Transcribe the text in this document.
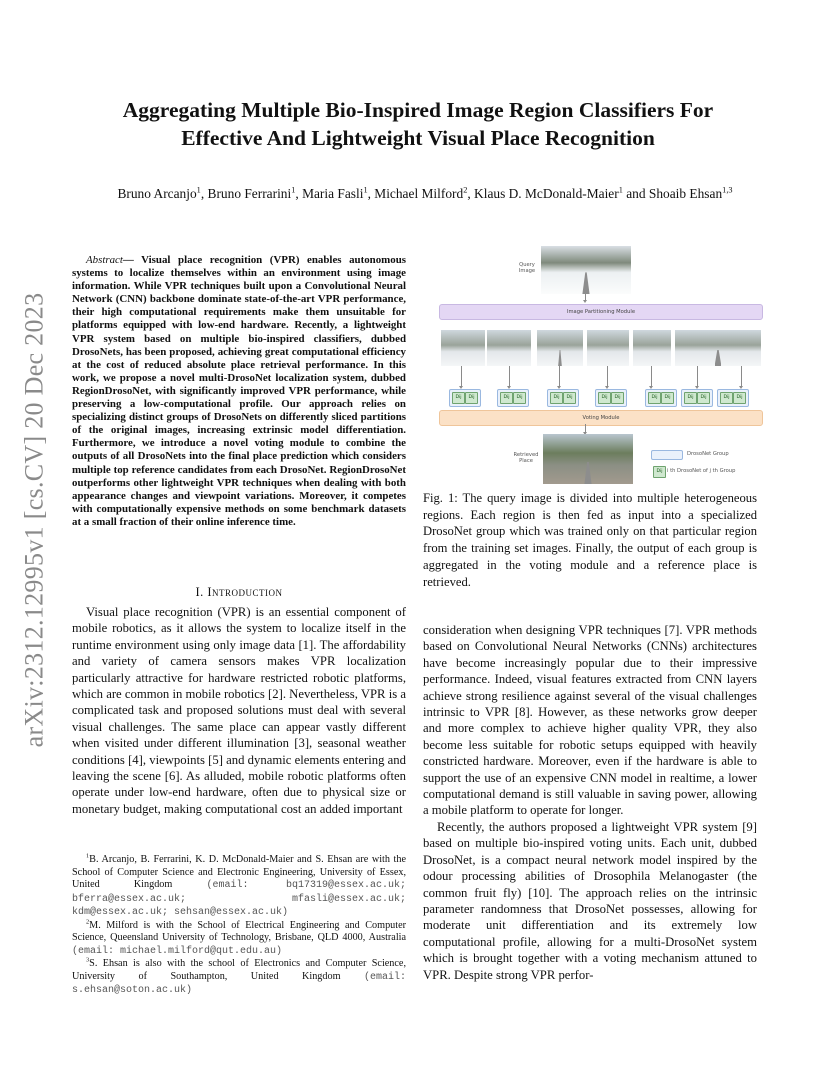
arXiv:2312.12995v1 [cs.CV] 20 Dec 2023
Aggregating Multiple Bio-Inspired Image Region Classifiers For
Effective And Lightweight Visual Place Recognition
Bruno Arcanjo$^1$, Bruno Ferrarini$^1$, Maria Fasli$^1$, Michael Milford$^2$, Klaus D. McDonald-Maier$^1$ and Shoaib Ehsan$^{1,3}$

Abstract— Visual place recognition (VPR) enables autonomous systems to localize themselves within an environment using image information. While VPR techniques built upon a Convolutional Neural Network (CNN) backbone dominate state-of-the-art VPR performance, their high computational requirements make them unsuitable for platforms equipped with low-end hardware. Recently, a lightweight VPR system based on multiple bio-inspired classifiers, dubbed DrosoNets, has been proposed, achieving great computational efficiency at the cost of reduced absolute place retrieval performance. In this work, we propose a novel multi-DrosoNet localization system, dubbed RegionDrosoNet, with significantly improved VPR performance, while preserving a low-computational profile. Our approach relies on specializing distinct groups of DrosoNets on differently sliced partitions of the original images, increasing extrinsic model differentiation. Furthermore, we introduce a novel voting module to combine the outputs of all DrosoNets into the final place prediction which considers multiple top reference candidates from each DrosoNet. RegionDrosoNet outperforms other lightweight VPR techniques when dealing with both appearance changes and viewpoint variations. Moreover, it competes with computationally expensive methods on some benchmark datasets at a small fraction of their online inference time.

I. Introduction

Visual place recognition (VPR) is an essential component of mobile robotics, as it allows the system to localize itself in the runtime environment using only image data [1]. The affordability and variety of camera sensors makes VPR localization particularly attractive for hardware restricted robotic platforms, which are common in mobile robotics [2]. Nevertheless, VPR is a complicated task and proposed solutions must deal with several visual challenges. The same place can appear vastly different when visited under different illumination [3], seasonal weather conditions [4], viewpoints [5] and dynamic elements entering and leaving the scene [6]. As alluded, mobile robotic platforms often operate under low-end hardware, often due to physical size or monetary budget, making computational cost an added important

$^1$B. Arcanjo, B. Ferrarini, K. D. McDonald-Maier and S. Ehsan are with the School of Computer Science and Electronic Engineering, University of Essex, United Kingdom	(email: bq17319@essex.ac.uk; bferra@essex.ac.uk; mfasli@essex.ac.uk; kdm@essex.ac.uk; sehsan@essex.ac.uk)

$^2$M. Milford is with the School of Electrical Engineering and Computer Science, Queensland University of Technology, Brisbane, QLD 4000, Australia (email: michael.milford@qut.edu.au)

$^3$S. Ehsan is also with the school of Electronics and Computer Science, University of Southampton, United Kingdom (email: s.ehsan@soton.ac.uk)

Query Image
Image Partitioning Module
Dij	Dij	Dij	Dij	Dij	Dij	Dij	Dij	Dij	Dij	Dij	Dij	Dij	Dij
Voting Module
Retrieved Place
DrosoNet Group
Dij i th DrosoNet of j th Group

Fig. 1: The query image is divided into multiple heterogeneous regions. Each region is then fed as input into a specialized DrosoNet group which was trained only on that particular region from the training set images. Finally, the output of each group is aggregated in the voting module and a reference place is retrieved.

consideration when designing VPR techniques [7]. VPR methods based on Convolutional Neural Networks (CNNs) architectures have become increasingly popular due to their impressive performance. Indeed, visual features extracted from CNN layers achieve strong resilience against several of the visual challenges intrinsic to VPR [8]. However, as these networks grow deeper and more complex to achieve higher quality VPR, they also become less suitable for robotic setups equipped with heavily constricted hardware. Moreover, even if the hardware is able to support the use of an expensive CNN model in realtime, a lower computational demand is still valuable in saving power, allowing a mobile platform to operate for longer.

Recently, the authors proposed a lightweight VPR system [9] based on multiple bio-inspired voting units. Each unit, dubbed DrosoNet, is a compact neural network model inspired by the odour processing abilities of Drosophila Melanogaster (the common fruit fly) [10]. The approach relies on the intrinsic parameter randomness that DrosoNet possesses, allowing for moderate unit differentiation and its extremely low computational profile, allowing for a multi-DrosoNet system which is brought together with a voting mechanism attuned to VPR. Despite strong VPR perfor-
